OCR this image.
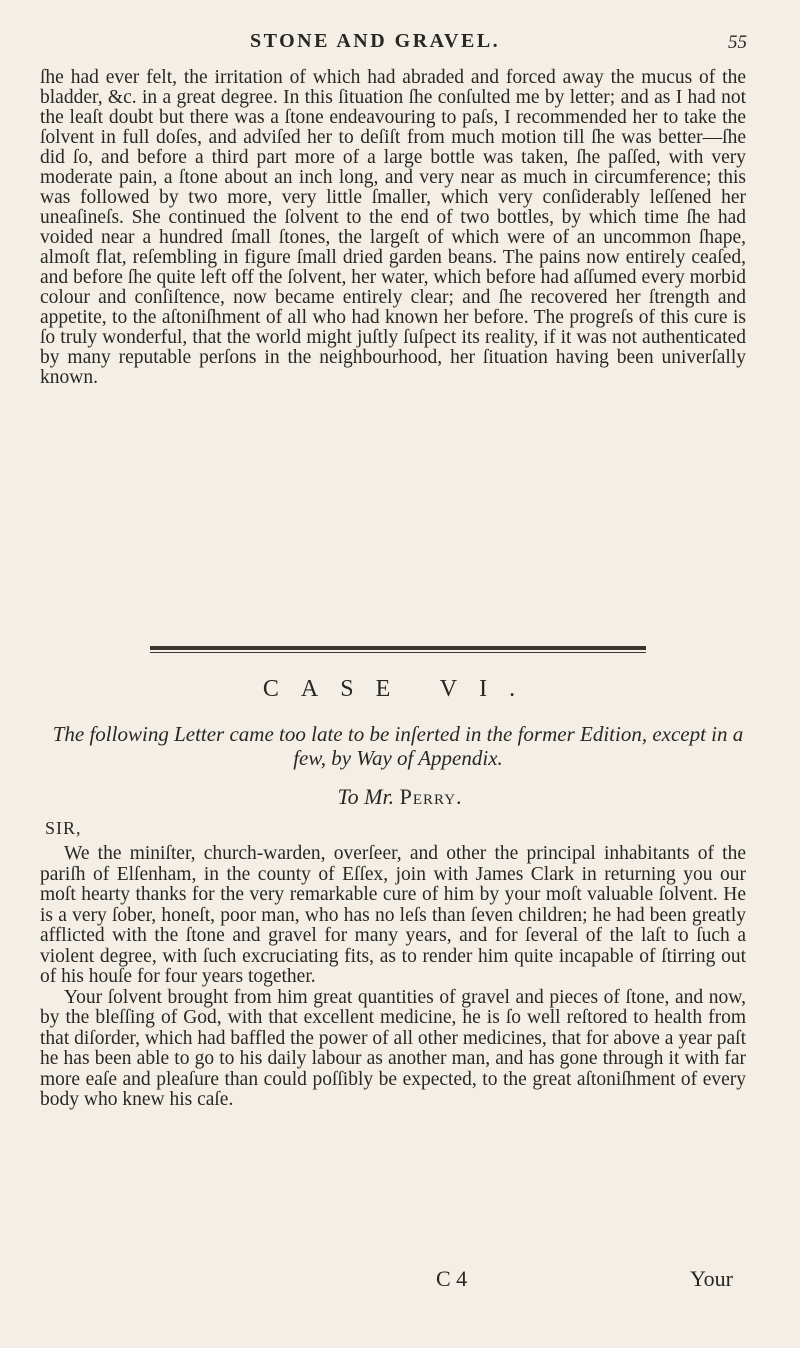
STONE AND GRAVEL.	55

ſhe had ever felt, the irritation of which had abraded and forced away the mucus of the bladder, &c. in a great degree. In this ſituation ſhe conſulted me by letter; and as I had not the leaſt doubt but there was a ſtone endeavouring to paſs, I recommended her to take the ſolvent in full doſes, and adviſed her to deſiſt from much motion till ſhe was better—ſhe did ſo, and before a third part more of a large bottle was taken, ſhe paſſed, with very moderate pain, a ſtone about an inch long, and very near as much in circumference; this was followed by two more, very little ſmaller, which very conſiderably leſſened her uneaſineſs. She continued the ſolvent to the end of two bottles, by which time ſhe had voided near a hundred ſmall ſtones, the largeſt of which were of an uncommon ſhape, almoſt flat, reſembling in figure ſmall dried garden beans. The pains now entirely ceaſed, and before ſhe quite left off the ſolvent, her water, which before had aſſumed every morbid colour and conſiſtence, now became entirely clear; and ſhe recovered her ſtrength and appetite, to the aſtoniſhment of all who had known her before. The progreſs of this cure is ſo truly wonderful, that the world might juſtly ſuſpect its reality, if it was not authenticated by many reputable perſons in the neighbourhood, her ſituation having been univerſally known.

CASE VI.
The following Letter came too late to be inſerted in the former Edition, except in a few, by Way of Appendix.
To Mr. Perry.
SIR,

We the miniſter, church-warden, overſeer, and other the principal inhabitants of the pariſh of Elſenham, in the county of Eſſex, join with James Clark in returning you our moſt hearty thanks for the very remarkable cure of him by your moſt valuable ſolvent. He is a very ſober, honeſt, poor man, who has no leſs than ſeven children; he had been greatly afflicted with the ſtone and gravel for many years, and for ſeveral of the laſt to ſuch a violent degree, with ſuch excruciating fits, as to render him quite incapable of ſtirring out of his houſe for four years together.

Your ſolvent brought from him great quantities of gravel and pieces of ſtone, and now, by the bleſſing of God, with that excellent medicine, he is ſo well reſtored to health from that diſorder, which had baffled the power of all other medicines, that for above a year paſt he has been able to go to his daily labour as another man, and has gone through it with far more eaſe and pleaſure than could poſſibly be expected, to the great aſtoniſhment of every body who knew his caſe.

C 4	Your
